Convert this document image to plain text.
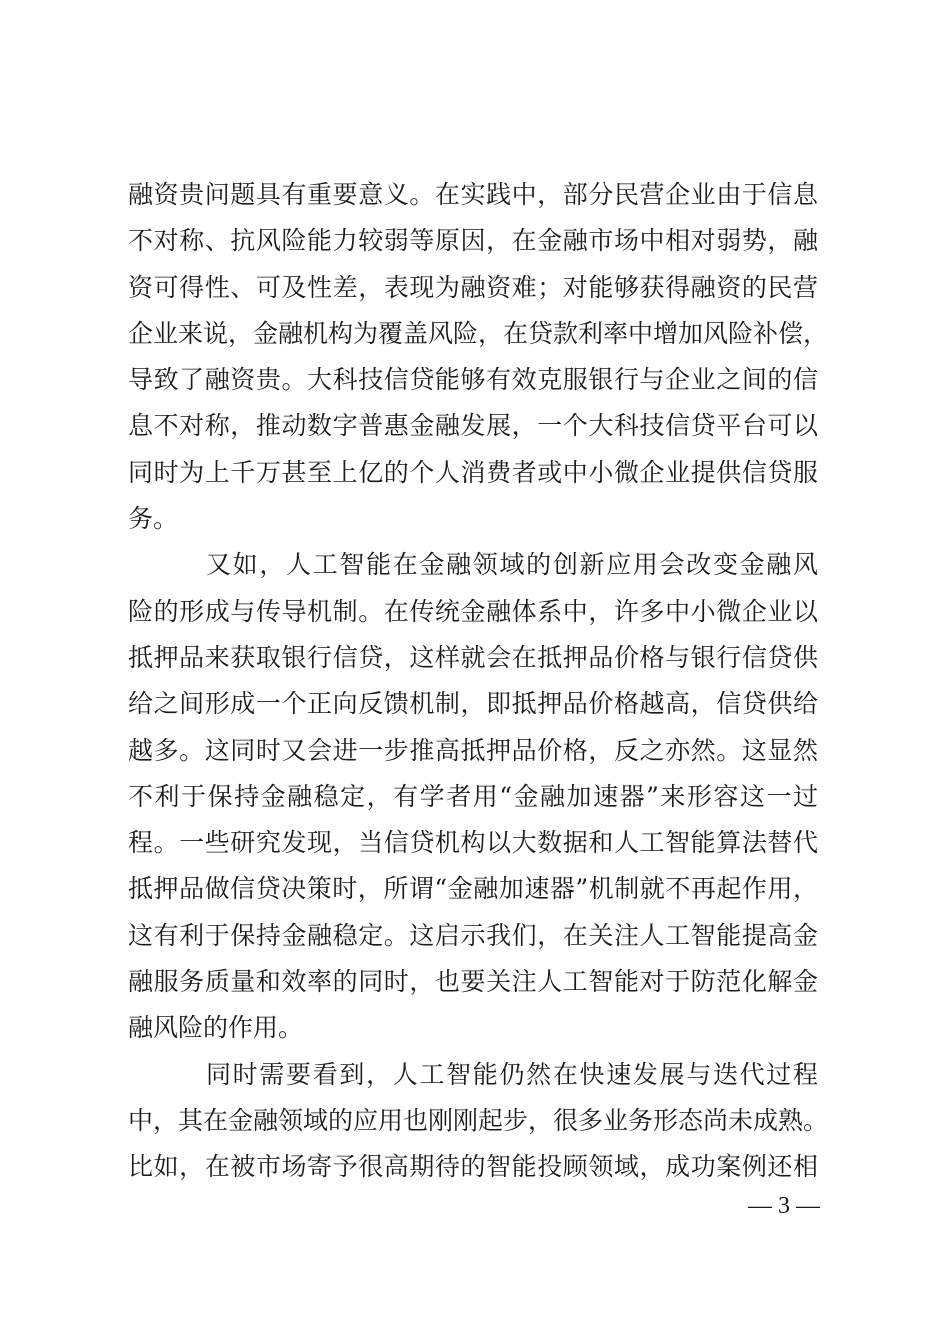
融资贵问题具有重要意义。在实践中，部分民营企业由于信息
不对称、抗风险能力较弱等原因，在金融市场中相对弱势，融
资可得性、可及性差，表现为融资难；对能够获得融资的民营
企业来说，金融机构为覆盖风险，在贷款利率中增加风险补偿，
导致了融资贵。大科技信贷能够有效克服银行与企业之间的信
息不对称，推动数字普惠金融发展，一个大科技信贷平台可以
同时为上千万甚至上亿的个人消费者或中小微企业提供信贷服
务。
又如，人工智能在金融领域的创新应用会改变金融风
险的形成与传导机制。在传统金融体系中，许多中小微企业以
抵押品来获取银行信贷，这样就会在抵押品价格与银行信贷供
给之间形成一个正向反馈机制，即抵押品价格越高，信贷供给
越多。这同时又会进一步推高抵押品价格，反之亦然。这显然
不利于保持金融稳定，有学者用“金融加速器”来形容这一过
程。一些研究发现，当信贷机构以大数据和人工智能算法替代
抵押品做信贷决策时，所谓“金融加速器”机制就不再起作用，
这有利于保持金融稳定。这启示我们，在关注人工智能提高金
融服务质量和效率的同时，也要关注人工智能对于防范化解金
融风险的作用。
同时需要看到，人工智能仍然在快速发展与迭代过程
中，其在金融领域的应用也刚刚起步，很多业务形态尚未成熟。
比如，在被市场寄予很高期待的智能投顾领域，成功案例还相
— 3 —
